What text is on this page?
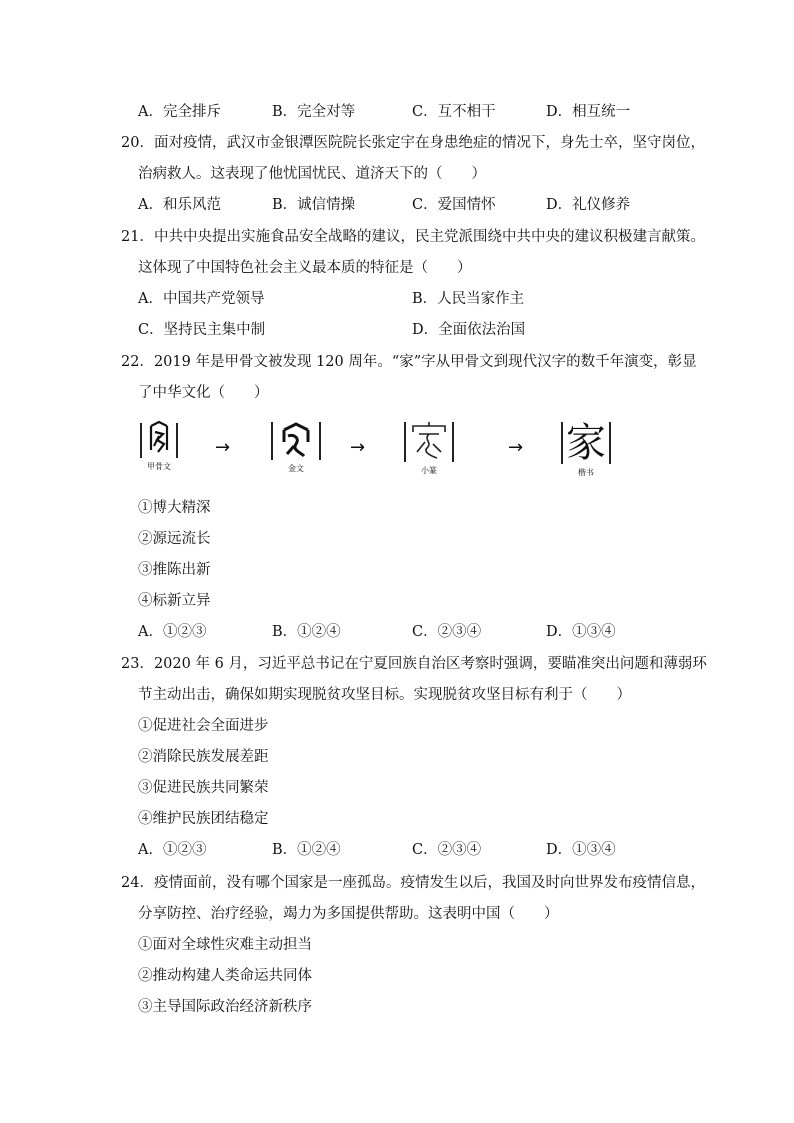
A．完全排斥	B．完全对等	C．互不相干	D．相互统一
20．面对疫情，武汉市金银潭医院院长张定宇在身患绝症的情况下，身先士卒，坚守岗位，
治病救人。这表现了他忧国忧民、道济天下的（　　）
A．和乐风范	B．诚信情操	C．爱国情怀	D．礼仪修养
21．中共中央提出实施食品安全战略的建议，民主党派围绕中共中央的建议积极建言献策。
这体现了中国特色社会主义最本质的特征是（　　）
A．中国共产党领导	B．人民当家作主
C．坚持民主集中制	D．全面依法治国
22．2019 年是甲骨文被发现 120 周年。“家”字从甲骨文到现代汉字的数千年演变，彰显
了中华文化（　　）
甲骨文
→
金文
→
小篆
→ 家
楷书
①博大精深
②源远流长
③推陈出新
④标新立异
A．①②③	B．①②④	C．②③④	D．①③④
23．2020 年 6 月，习近平总书记在宁夏回族自治区考察时强调，要瞄准突出问题和薄弱环
节主动出击，确保如期实现脱贫攻坚目标。实现脱贫攻坚目标有利于（　　）
①促进社会全面进步
②消除民族发展差距
③促进民族共同繁荣
④维护民族团结稳定
A．①②③	B．①②④	C．②③④	D．①③④
24．疫情面前，没有哪个国家是一座孤岛。疫情发生以后，我国及时向世界发布疫情信息，
分享防控、治疗经验，竭力为多国提供帮助。这表明中国（　　）
①面对全球性灾难主动担当
②推动构建人类命运共同体
③主导国际政治经济新秩序
